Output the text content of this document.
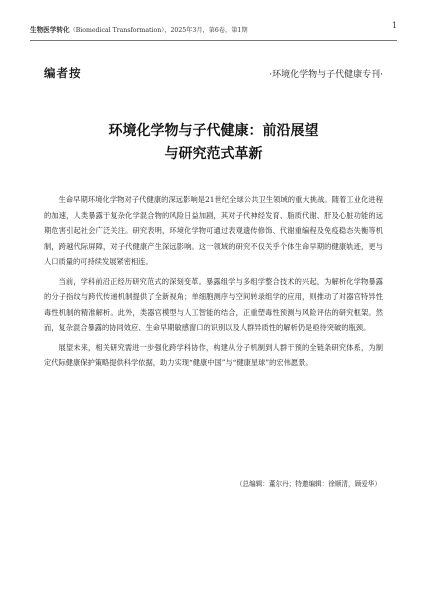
生物医学转化（Biomedical Transformation），2025年3月，第6卷，第1期
1
编者按	·环境化学物与子代健康专刊·
环境化学物与子代健康：前沿展望
与研究范式革新

生命早期环境化学物对子代健康的深远影响是21世纪全球公共卫生领域的重大挑战。随着工业化进程的加速，人类暴露于复杂化学混合物的风险日益加剧，其对子代神经发育、脂质代谢、肝及心脏功能的远期危害引起社会广泛关注。研究表明，环境化学物可通过表观遗传修饰、代谢重编程及免疫稳态失衡等机制，跨越代际屏障，对子代健康产生深远影响。这一领域的研究不仅关乎个体生命早期的健康轨迹，更与人口质量的可持续发展紧密相连。

当前，学科前沿正经历研究范式的深刻变革。暴露组学与多组学整合技术的兴起，为解析化学物暴露的分子指纹与跨代传递机制提供了全新视角；单细胞测序与空间转录组学的应用，则推动了对器官特异性毒性机制的精准解析。此外，类器官模型与人工智能的结合，正重塑毒性预测与风险评估的研究框架。然而，复杂混合暴露的协同效应、生命早期敏感窗口的识别以及人群异质性的解析仍是亟待突破的瓶颈。

展望未来，相关研究需进一步强化跨学科协作，构建从分子机制到人群干预的全链条研究体系，为制定代际健康保护策略提供科学依据，助力实现“健康中国”与“健康星球”的宏伟愿景。

（总编辑：董尔丹；特邀编辑：徐顺清，顾爱华）
